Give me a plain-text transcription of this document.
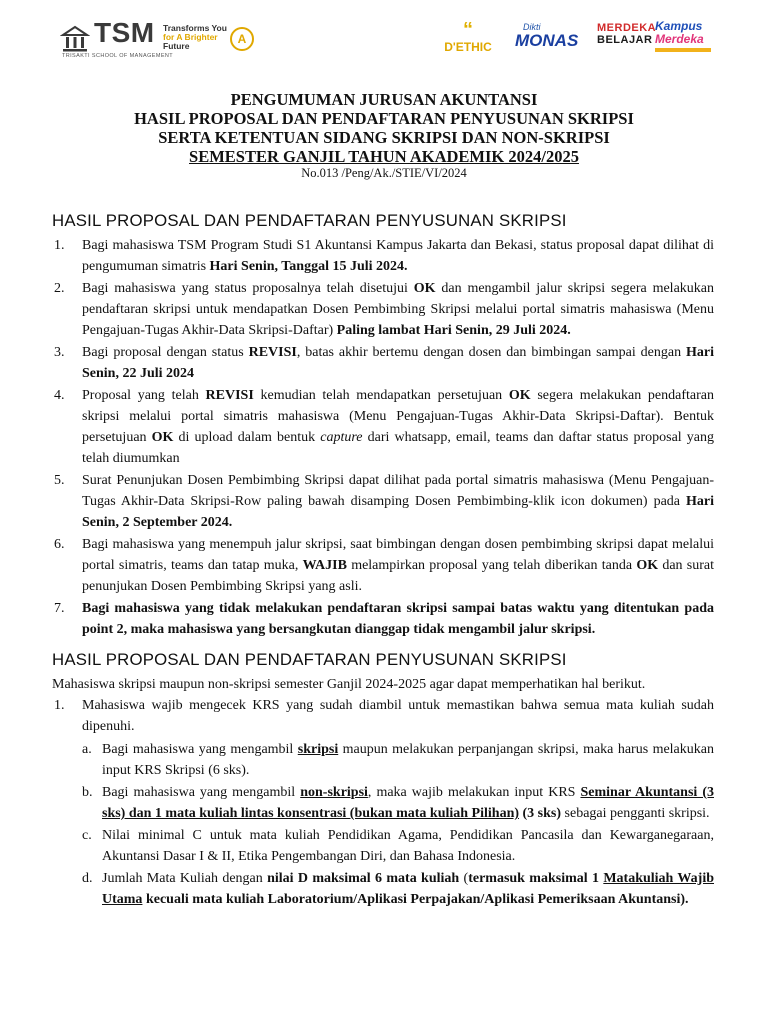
TSM
TRISAKTI SCHOOL OF MANAGEMENT
Transforms You
for A Brighter
Future	A	“
D'ETHIC
Dikti
MONAS
MERDEKA
BELAJAR
Kampus
Merdeka
PENGUMUMAN JURUSAN AKUNTANSI
HASIL PROPOSAL DAN PENDAFTARAN PENYUSUNAN SKRIPSI
SERTA KETENTUAN SIDANG SKRIPSI DAN NON-SKRIPSI
SEMESTER GANJIL TAHUN AKADEMIK 2024/2025
No.013 /Peng/Ak./STIE/VI/2024
HASIL PROPOSAL DAN PENDAFTARAN PENYUSUNAN SKRIPSI
1. Bagi mahasiswa TSM Program Studi S1 Akuntansi Kampus Jakarta dan Bekasi, status proposal dapat dilihat di pengumuman simatris Hari Senin, Tanggal 15 Juli 2024.
2. Bagi mahasiswa yang status proposalnya telah disetujui OK dan mengambil jalur skripsi segera melakukan pendaftaran skripsi untuk mendapatkan Dosen Pembimbing Skripsi melalui portal simatris mahasiswa (Menu Pengajuan-Tugas Akhir-Data Skripsi-Daftar) Paling lambat Hari Senin, 29 Juli 2024.
3. Bagi proposal dengan status REVISI, batas akhir bertemu dengan dosen dan bimbingan sampai dengan Hari Senin, 22 Juli 2024
4. Proposal yang telah REVISI kemudian telah mendapatkan persetujuan OK segera melakukan pendaftaran skripsi melalui portal simatris mahasiswa (Menu Pengajuan-Tugas Akhir-Data Skripsi-Daftar). Bentuk persetujuan OK di upload dalam bentuk capture dari whatsapp, email, teams dan daftar status proposal yang telah diumumkan
5. Surat Penunjukan Dosen Pembimbing Skripsi dapat dilihat pada portal simatris mahasiswa (Menu Pengajuan-Tugas Akhir-Data Skripsi-Row paling bawah disamping Dosen Pembimbing-klik icon dokumen) pada Hari Senin, 2 September 2024.
6. Bagi mahasiswa yang menempuh jalur skripsi, saat bimbingan dengan dosen pembimbing skripsi dapat melalui portal simatris, teams dan tatap muka, WAJIB melampirkan proposal yang telah diberikan tanda OK dan surat penunjukan Dosen Pembimbing Skripsi yang asli.
7. Bagi mahasiswa yang tidak melakukan pendaftaran skripsi sampai batas waktu yang ditentukan pada point 2, maka mahasiswa yang bersangkutan dianggap tidak mengambil jalur skripsi.
HASIL PROPOSAL DAN PENDAFTARAN PENYUSUNAN SKRIPSI

Mahasiswa skripsi maupun non-skripsi semester Ganjil 2024-2025 agar dapat memperhatikan hal berikut.

1. Mahasiswa wajib mengecek KRS yang sudah diambil untuk memastikan bahwa semua mata kuliah sudah dipenuhi.
a. Bagi mahasiswa yang mengambil skripsi maupun melakukan perpanjangan skripsi, maka harus melakukan input KRS Skripsi (6 sks).
b. Bagi mahasiswa yang mengambil non-skripsi, maka wajib melakukan input KRS Seminar Akuntansi (3 sks) dan 1 mata kuliah lintas konsentrasi (bukan mata kuliah Pilihan) (3 sks) sebagai pengganti skripsi.
c. Nilai minimal C untuk mata kuliah Pendidikan Agama, Pendidikan Pancasila dan Kewarganegaraan, Akuntansi Dasar I & II, Etika Pengembangan Diri, dan Bahasa Indonesia.
d. Jumlah Mata Kuliah dengan nilai D maksimal 6 mata kuliah (termasuk maksimal 1 Matakuliah Wajib Utama kecuali mata kuliah Laboratorium/Aplikasi Perpajakan/Aplikasi Pemeriksaan Akuntansi).
